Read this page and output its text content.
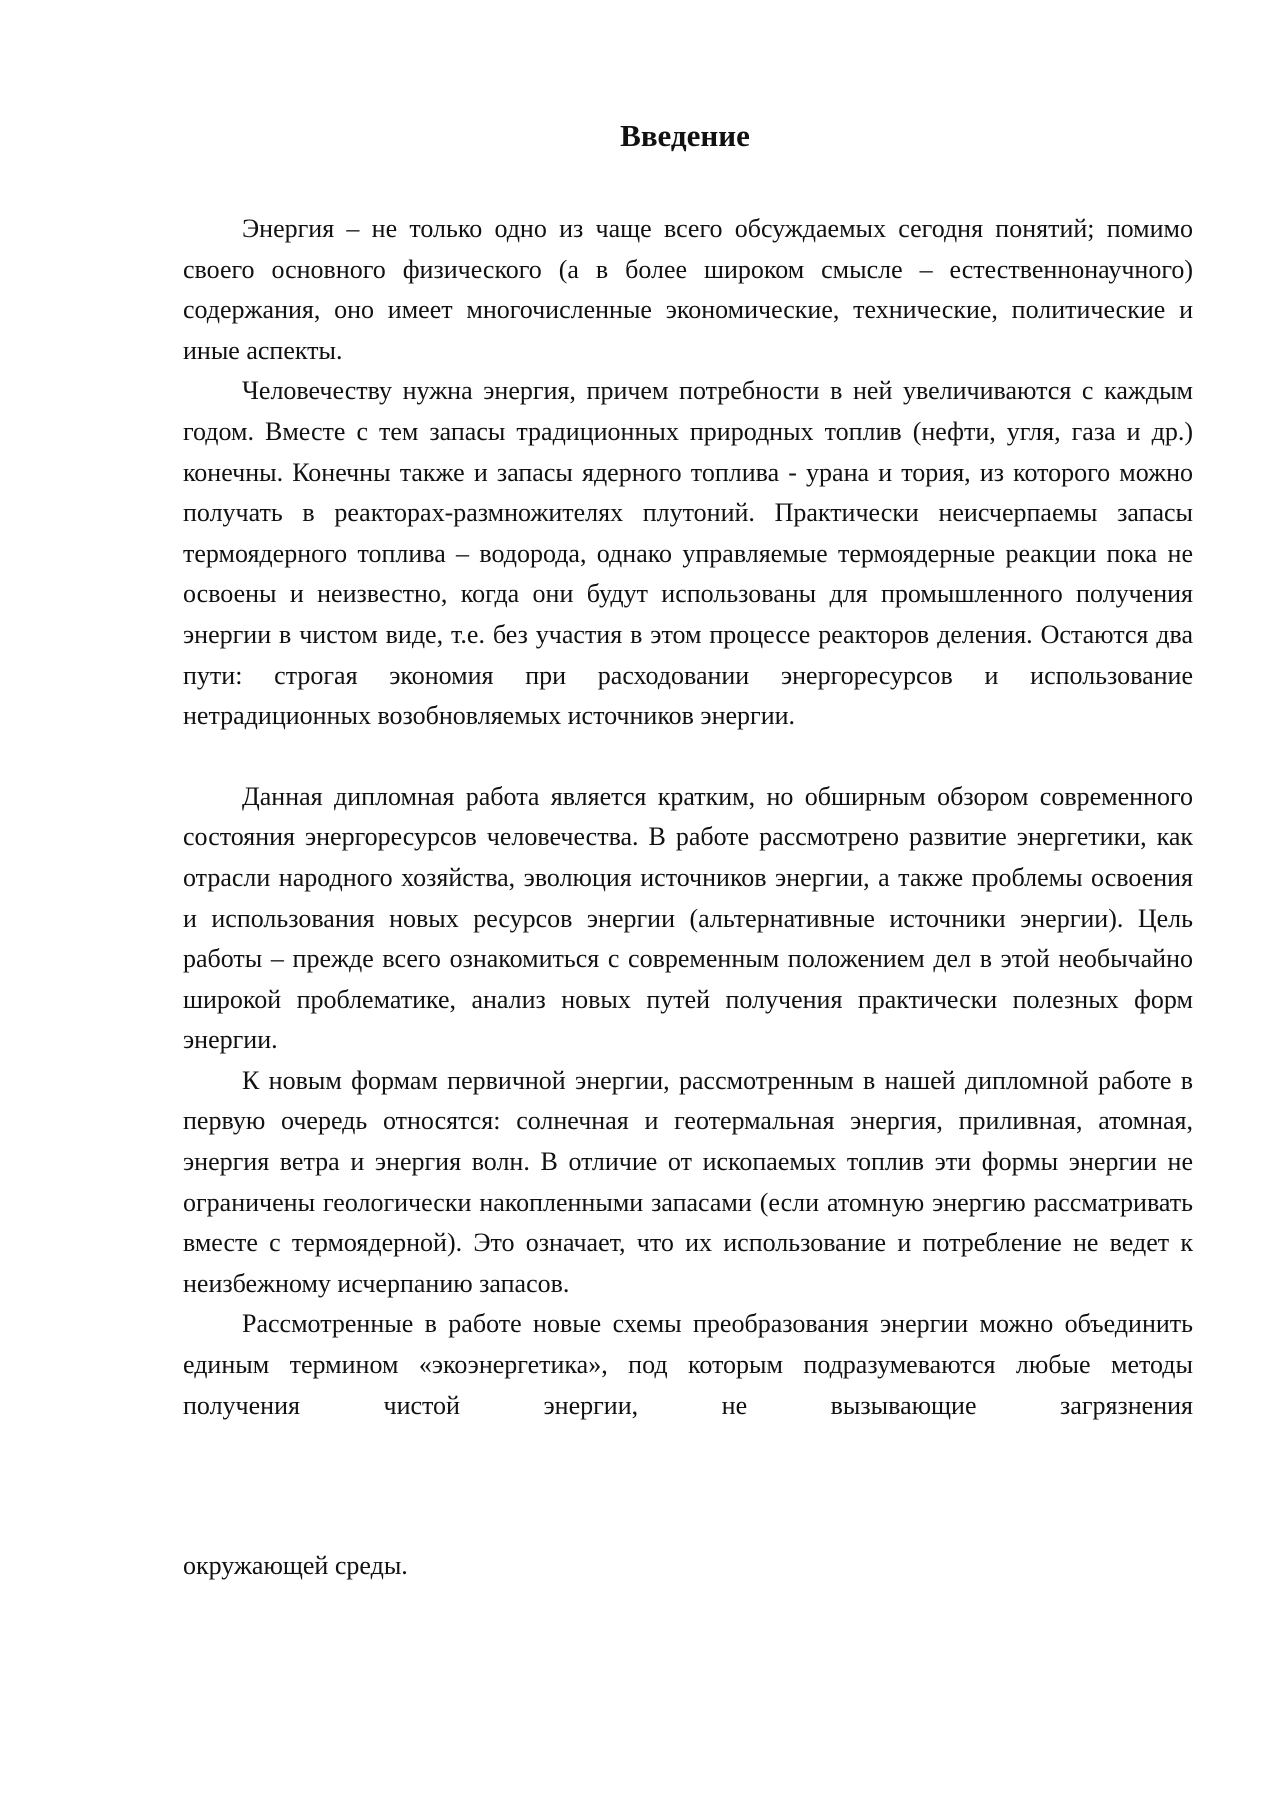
Введение

Энергия – не только одно из чаще всего обсуждаемых сегодня понятий; помимо своего основного физического (а в более широком смысле – естественнонаучного) содержания, оно имеет многочисленные экономические, технические, политические и иные аспекты.

Человечеству нужна энергия, причем потребности в ней увеличиваются с каждым годом. Вместе с тем запасы традиционных природных топлив (нефти, угля, газа и др.) конечны. Конечны также и запасы ядерного топлива - урана и тория, из которого можно получать в реакторах-размножителях плутоний. Практически неисчерпаемы запасы термоядерного топлива – водорода, однако управляемые термоядерные реакции пока не освоены и неизвестно, когда они будут использованы для промышленного получения энергии в чистом виде, т.е. без участия в этом процессе реакторов деления. Остаются два пути: строгая экономия при расходовании энергоресурсов и использование нетрадиционных возобновляемых источников энергии.

Данная дипломная работа является кратким, но обширным обзором современного состояния энергоресурсов человечества. В работе рассмотрено развитие энергетики, как отрасли народного хозяйства, эволюция источников энергии, а также проблемы освоения и использования новых ресурсов энергии (альтернативные источники энергии). Цель работы – прежде всего ознакомиться с современным положением дел в этой необычайно широкой проблематике, анализ новых путей получения практически полезных форм энергии.

К новым формам первичной энергии, рассмотренным в нашей дипломной работе в первую очередь относятся: солнечная и геотермальная энергия, приливная, атомная, энергия ветра и энергия волн. В отличие от ископаемых топлив эти формы энергии не ограничены геологически накопленными запасами (если атомную энергию рассматривать вместе с термоядерной). Это означает, что их использование и потребление не ведет к неизбежному исчерпанию запасов.

Рассмотренные в работе новые схемы преобразования энергии можно объединить единым термином «экоэнергетика», под которым подразумеваются любые методы получения чистой энергии, не вызывающие загрязнения

окружающей среды.
